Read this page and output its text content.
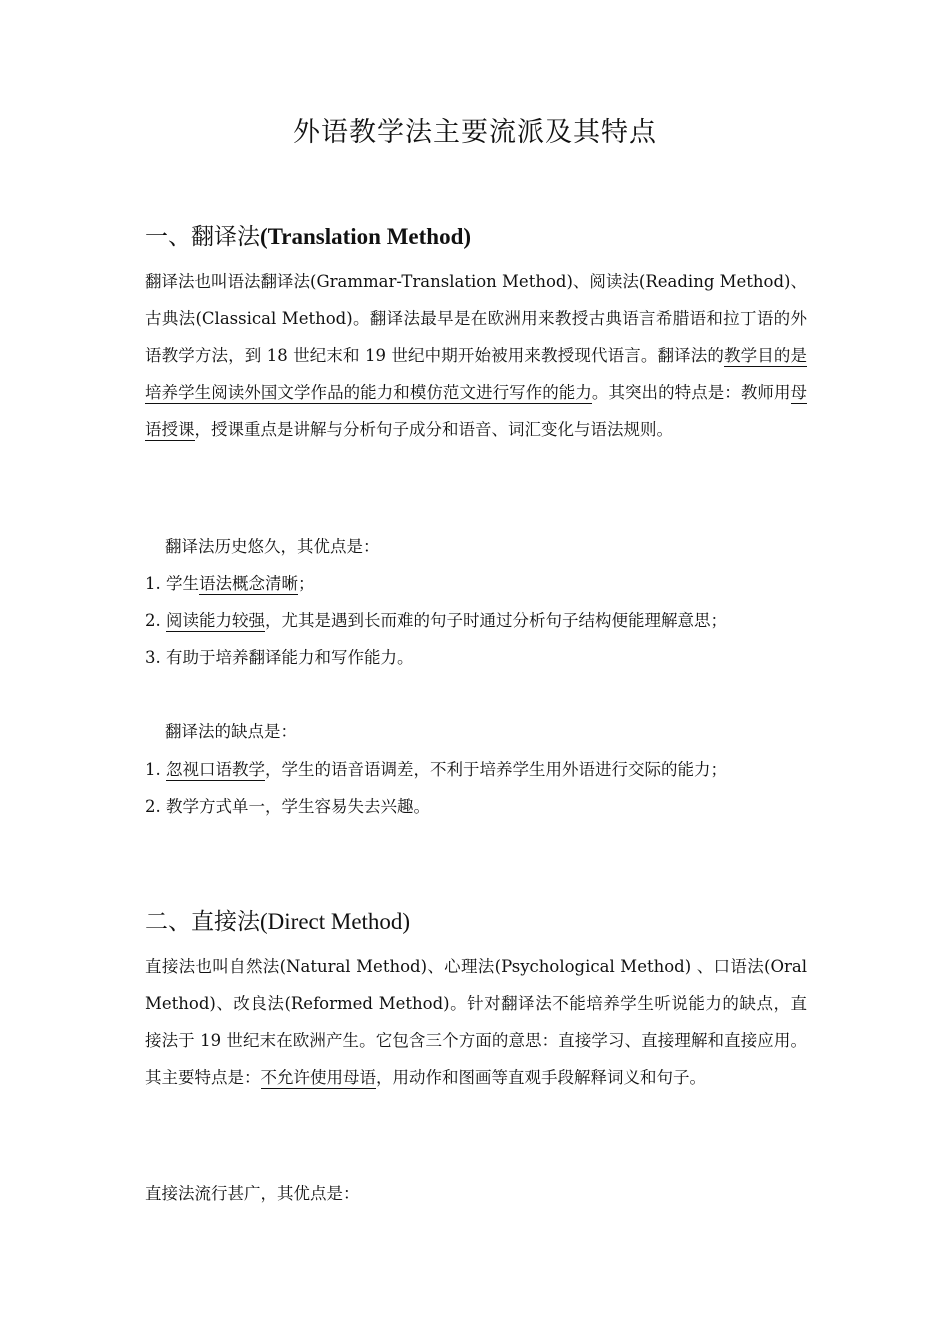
外语教学法主要流派及其特点
一、翻译法(Translation Method)
翻译法也叫语法翻译法(Grammar-Translation Method)、阅读法(Reading Method)、古典法(Classical Method)。翻译法最早是在欧洲用来教授古典语言希腊语和拉丁语的外语教学方法，到 18 世纪末和 19 世纪中期开始被用来教授现代语言。翻译法的教学目的是培养学生阅读外国文学作品的能力和模仿范文进行写作的能力。其突出的特点是：教师用母语授课，授课重点是讲解与分析句子成分和语音、词汇变化与语法规则。
翻译法历史悠久，其优点是：
1. 学生语法概念清晰；
2. 阅读能力较强，尤其是遇到长而难的句子时通过分析句子结构便能理解意思；
3. 有助于培养翻译能力和写作能力。
翻译法的缺点是：
1. 忽视口语教学，学生的语音语调差，不利于培养学生用外语进行交际的能力；
2. 教学方式单一，学生容易失去兴趣。
二、直接法(Direct Method)
直接法也叫自然法(Natural Method)、心理法(Psychological Method) 、口语法(Oral Method)、改良法(Reformed Method)。针对翻译法不能培养学生听说能力的缺点，直接法于 19 世纪末在欧洲产生。它包含三个方面的意思：直接学习、直接理解和直接应用。其主要特点是：不允许使用母语，用动作和图画等直观手段解释词义和句子。
直接法流行甚广，其优点是：
